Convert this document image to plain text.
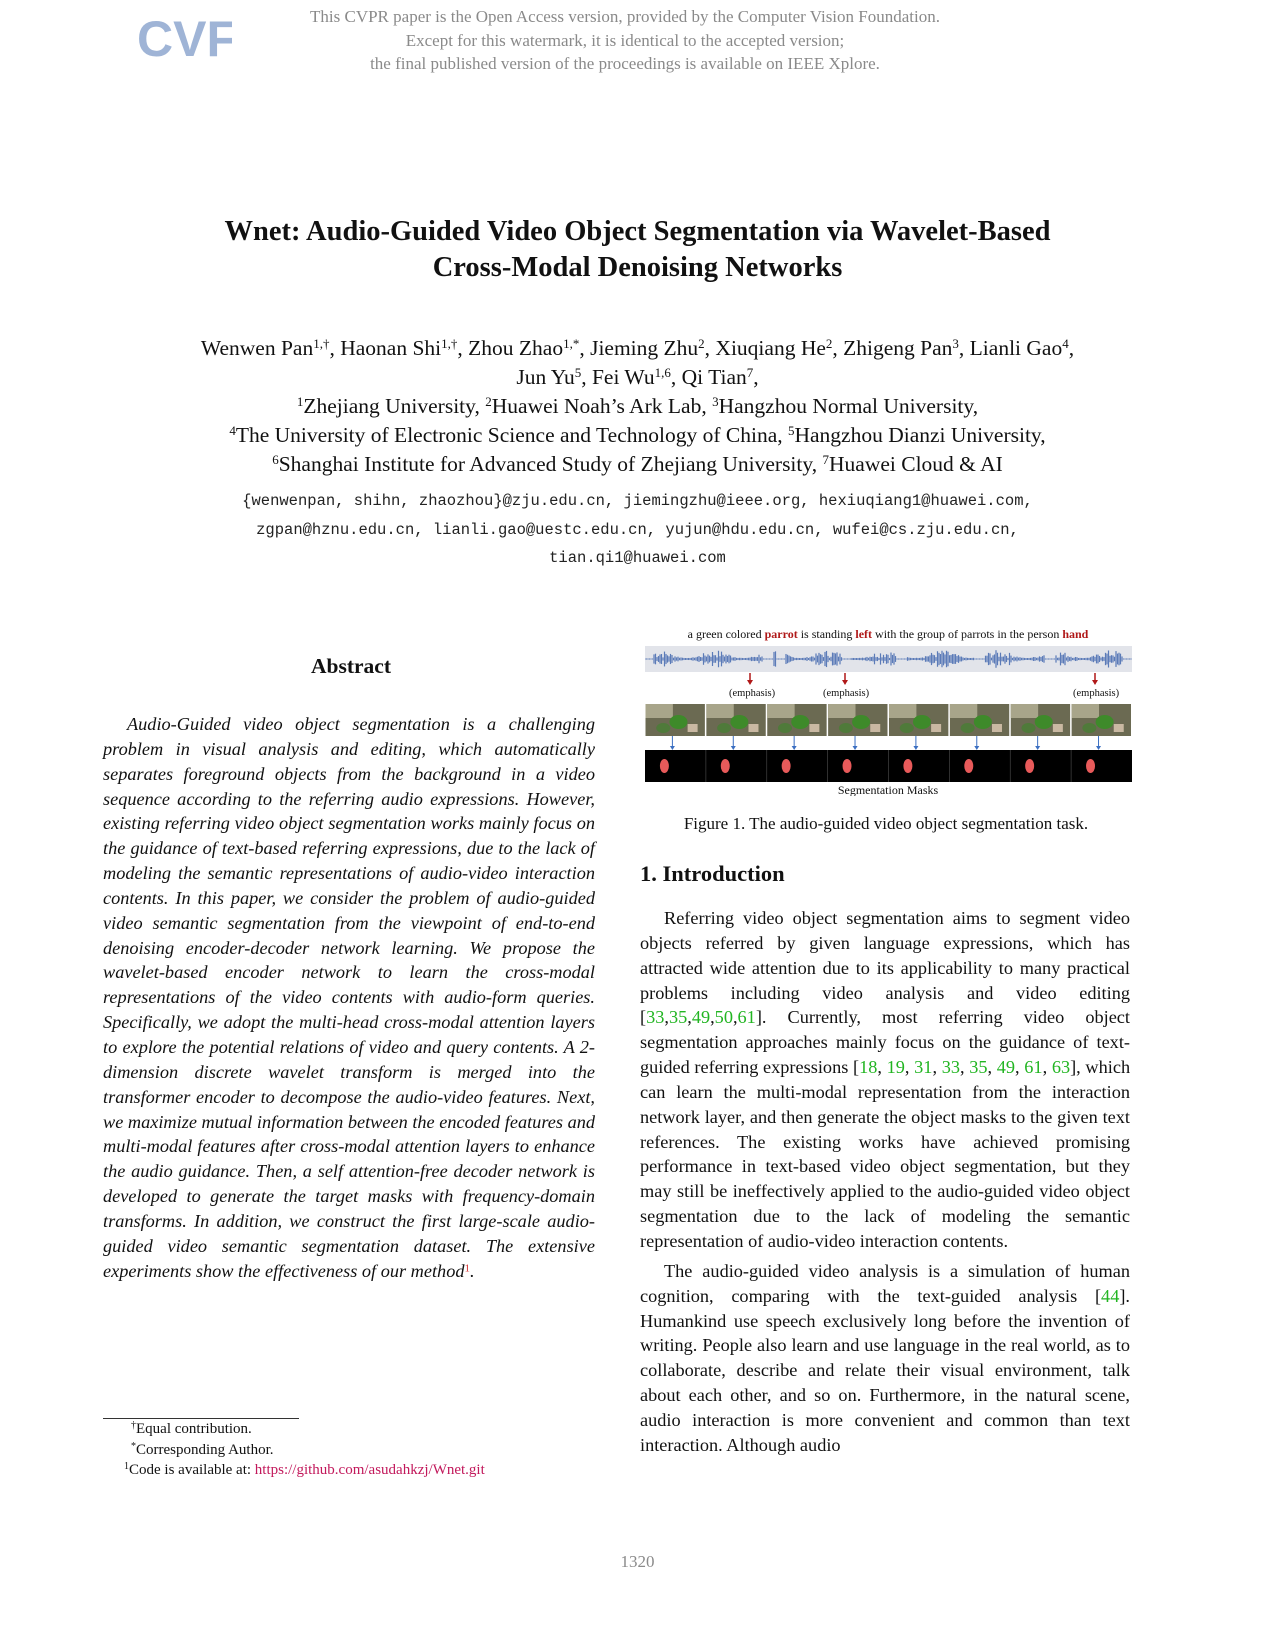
CVF	This CVPR paper is the Open Access version, provided by the Computer Vision Foundation.
Except for this watermark, it is identical to the accepted version;
the final published version of the proceedings is available on IEEE Xplore.
Wnet: Audio-Guided Video Object Segmentation via Wavelet-Based
Cross-Modal Denoising Networks
Wenwen Pan$^{1,\dagger}$, Haonan Shi$^{1,\dagger}$, Zhou Zhao$^{1,*}$, Jieming Zhu$^2$, Xiuqiang He$^2$, Zhigeng Pan$^3$, Lianli Gao$^4$,
Jun Yu$^5$, Fei Wu$^{1,6}$, Qi Tian$^7$,
$^1$Zhejiang University, $^2$Huawei Noah’s Ark Lab, $^3$Hangzhou Normal University,
$^4$The University of Electronic Science and Technology of China, $^5$Hangzhou Dianzi University,
$^6$Shanghai Institute for Advanced Study of Zhejiang University, $^7$Huawei Cloud & AI
{wenwenpan, shihn, zhaozhou}@zju.edu.cn, jiemingzhu@ieee.org, hexiuqiang1@huawei.com,
zgpan@hznu.edu.cn, lianli.gao@uestc.edu.cn, yujun@hdu.edu.cn, wufei@cs.zju.edu.cn,
tian.qi1@huawei.com
Abstract
Audio-Guided video object segmentation is a challenging problem in visual analysis and editing, which automatically separates foreground objects from the background in a video sequence according to the referring audio expressions. However, existing referring video object segmentation works mainly focus on the guidance of text-based referring expressions, due to the lack of modeling the semantic representations of audio-video interaction contents. In this paper, we consider the problem of audio-guided video semantic segmentation from the viewpoint of end-to-end denoising encoder-decoder network learning. We propose the wavelet-based encoder network to learn the cross-modal representations of the video contents with audio-form queries. Specifically, we adopt the multi-head cross-modal attention layers to explore the potential relations of video and query contents. A 2-dimension discrete wavelet transform is merged into the transformer encoder to decompose the audio-video features. Next, we maximize mutual information between the encoded features and multi-modal features after cross-modal attention layers to enhance the audio guidance. Then, a self attention-free decoder network is developed to generate the target masks with frequency-domain transforms. In addition, we construct the first large-scale audio-guided video semantic segmentation dataset. The extensive experiments show the effectiveness of our method$^1$.
†Equal contribution.
*Corresponding Author.
$^1$Code is available at: https://github.com/asudahkzj/Wnet.git
a green colored parrot is standing left with the group of parrots in the person hand
(emphasis)	(emphasis)	(emphasis)
Segmentation Masks
Figure 1. The audio-guided video object segmentation task.
1. Introduction

Referring video object segmentation aims to segment video objects referred by given language expressions, which has attracted wide attention due to its applicability to many practical problems including video analysis and video editing [33,35,49,50,61]. Currently, most referring video object segmentation approaches mainly focus on the guidance of text-guided referring expressions [18, 19, 31, 33, 35, 49, 61, 63], which can learn the multi-modal representation from the interaction network layer, and then generate the object masks to the given text references. The existing works have achieved promising performance in text-based video object segmentation, but they may still be ineffectively applied to the audio-guided video object segmentation due to the lack of modeling the semantic representation of audio-video interaction contents.

The audio-guided video analysis is a simulation of human cognition, comparing with the text-guided analysis [44]. Humankind use speech exclusively long before the invention of writing. People also learn and use language in the real world, as to collaborate, describe and relate their visual environment, talk about each other, and so on. Furthermore, in the natural scene, audio interaction is more convenient and common than text interaction. Although audio

1320
